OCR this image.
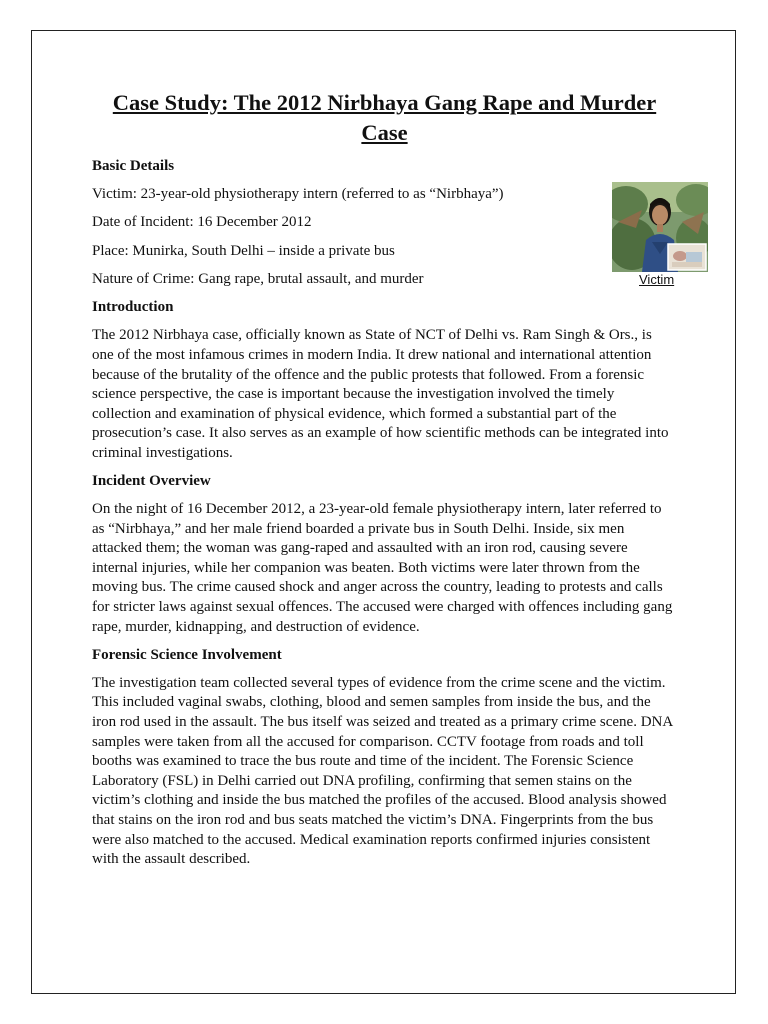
Case Study: The 2012 Nirbhaya Gang Rape and Murder Case
Basic Details
Victim: 23-year-old physiotherapy intern (referred to as “Nirbhaya”)
Date of Incident: 16 December 2012
Place: Munirka, South Delhi – inside a private bus
Nature of Crime: Gang rape, brutal assault, and murder
Introduction
The 2012 Nirbhaya case, officially known as State of NCT of Delhi vs. Ram Singh & Ors., is one of the most infamous crimes in modern India. It drew national and international attention because of the brutality of the offence and the public protests that followed. From a forensic science perspective, the case is important because the investigation involved the timely collection and examination of physical evidence, which formed a substantial part of the prosecution’s case. It also serves as an example of how scientific methods can be integrated into criminal investigations.
Incident Overview
On the night of 16 December 2012, a 23-year-old female physiotherapy intern, later referred to as “Nirbhaya,” and her male friend boarded a private bus in South Delhi. Inside, six men attacked them; the woman was gang-raped and assaulted with an iron rod, causing severe internal injuries, while her companion was beaten. Both victims were later thrown from the moving bus. The crime caused shock and anger across the country, leading to protests and calls for stricter laws against sexual offences. The accused were charged with offences including gang rape, murder, kidnapping, and destruction of evidence.
Forensic Science Involvement
The investigation team collected several types of evidence from the crime scene and the victim. This included vaginal swabs, clothing, blood and semen samples from inside the bus, and the iron rod used in the assault. The bus itself was seized and treated as a primary crime scene. DNA samples were taken from all the accused for comparison. CCTV footage from roads and toll booths was examined to trace the bus route and time of the incident. The Forensic Science Laboratory (FSL) in Delhi carried out DNA profiling, confirming that semen stains on the victim’s clothing and inside the bus matched the profiles of the accused. Blood analysis showed that stains on the iron rod and bus seats matched the victim’s DNA. Fingerprints from the bus were also matched to the accused. Medical examination reports confirmed injuries consistent with the assault described.
Victim
